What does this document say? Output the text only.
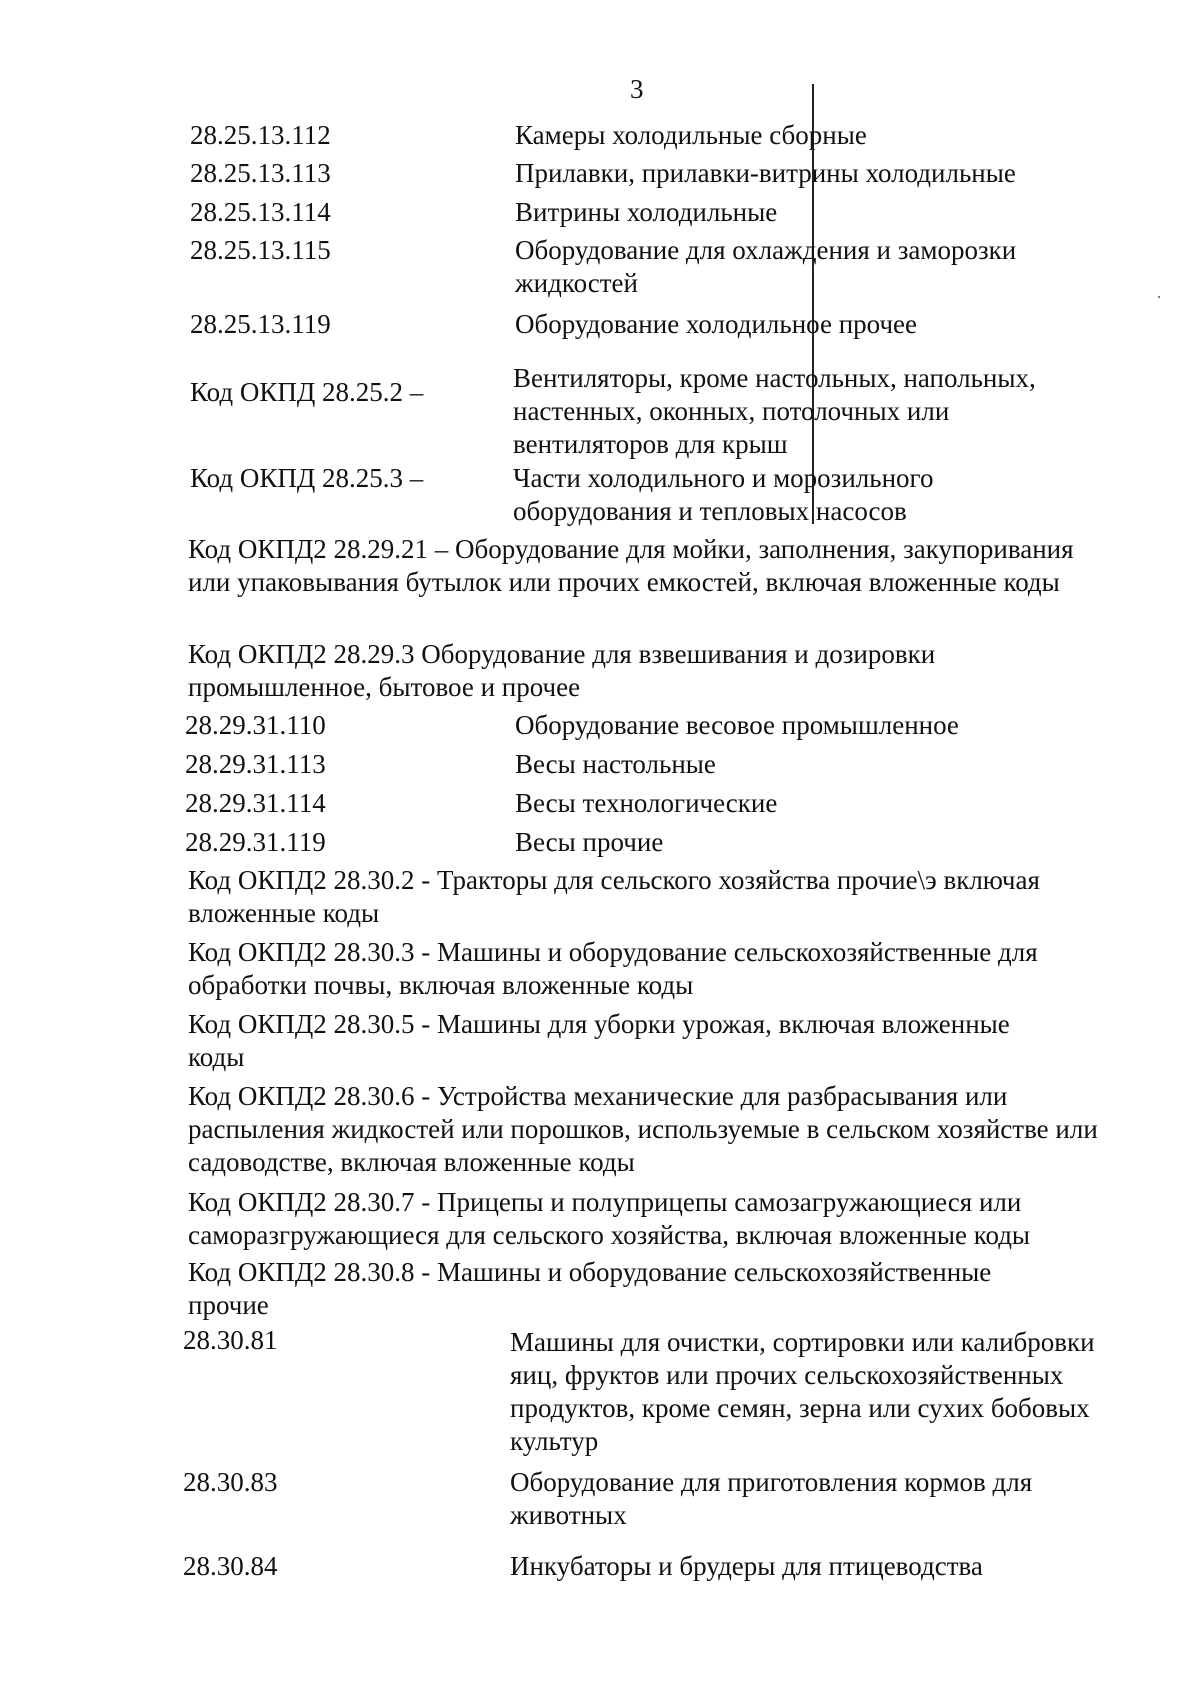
3
28.25.13.112	Камеры холодильные сборные
28.25.13.113	Прилавки, прилавки-витрины холодильные
28.25.13.114	Витрины холодильные
28.25.13.115	Оборудование для охлаждения и заморозки жидкостей
28.25.13.119	Оборудование холодильное прочее
Код ОКПД 28.25.2 –	Вентиляторы, кроме настольных, напольных, настенных, оконных, потолочных или вентиляторов для крыш
Код ОКПД 28.25.3 –	Части холодильного и морозильного оборудования и тепловых насосов
Код ОКПД2 28.29.21 – Оборудование для мойки, заполнения, закупоривания или упаковывания бутылок или прочих емкостей, включая вложенные коды
Код ОКПД2 28.29.3 Оборудование для взвешивания и дозировки промышленное, бытовое и прочее
28.29.31.110	Оборудование весовое промышленное
28.29.31.113	Весы настольные
28.29.31.114	Весы технологические
28.29.31.119	Весы прочие
Код ОКПД2 28.30.2 - Тракторы для сельского хозяйства прочие\э включая вложенные коды
Код ОКПД2 28.30.3 - Машины и оборудование сельскохозяйственные для обработки почвы, включая вложенные коды
Код ОКПД2 28.30.5 - Машины для уборки урожая, включая вложенные коды
Код ОКПД2 28.30.6 - Устройства механические для разбрасывания или распыления жидкостей или порошков, используемые в сельском хозяйстве или садоводстве, включая вложенные коды
Код ОКПД2 28.30.7 - Прицепы и полуприцепы самозагружающиеся или саморазгружающиеся для сельского хозяйства, включая вложенные коды
Код ОКПД2 28.30.8 - Машины и оборудование сельскохозяйственные прочие
28.30.81	Машины для очистки, сортировки или калибровки яиц, фруктов или прочих сельскохозяйственных продуктов, кроме семян, зерна или сухих бобовых культур
28.30.83	Оборудование для приготовления кормов для животных
28.30.84	Инкубаторы и брудеры для птицеводства
